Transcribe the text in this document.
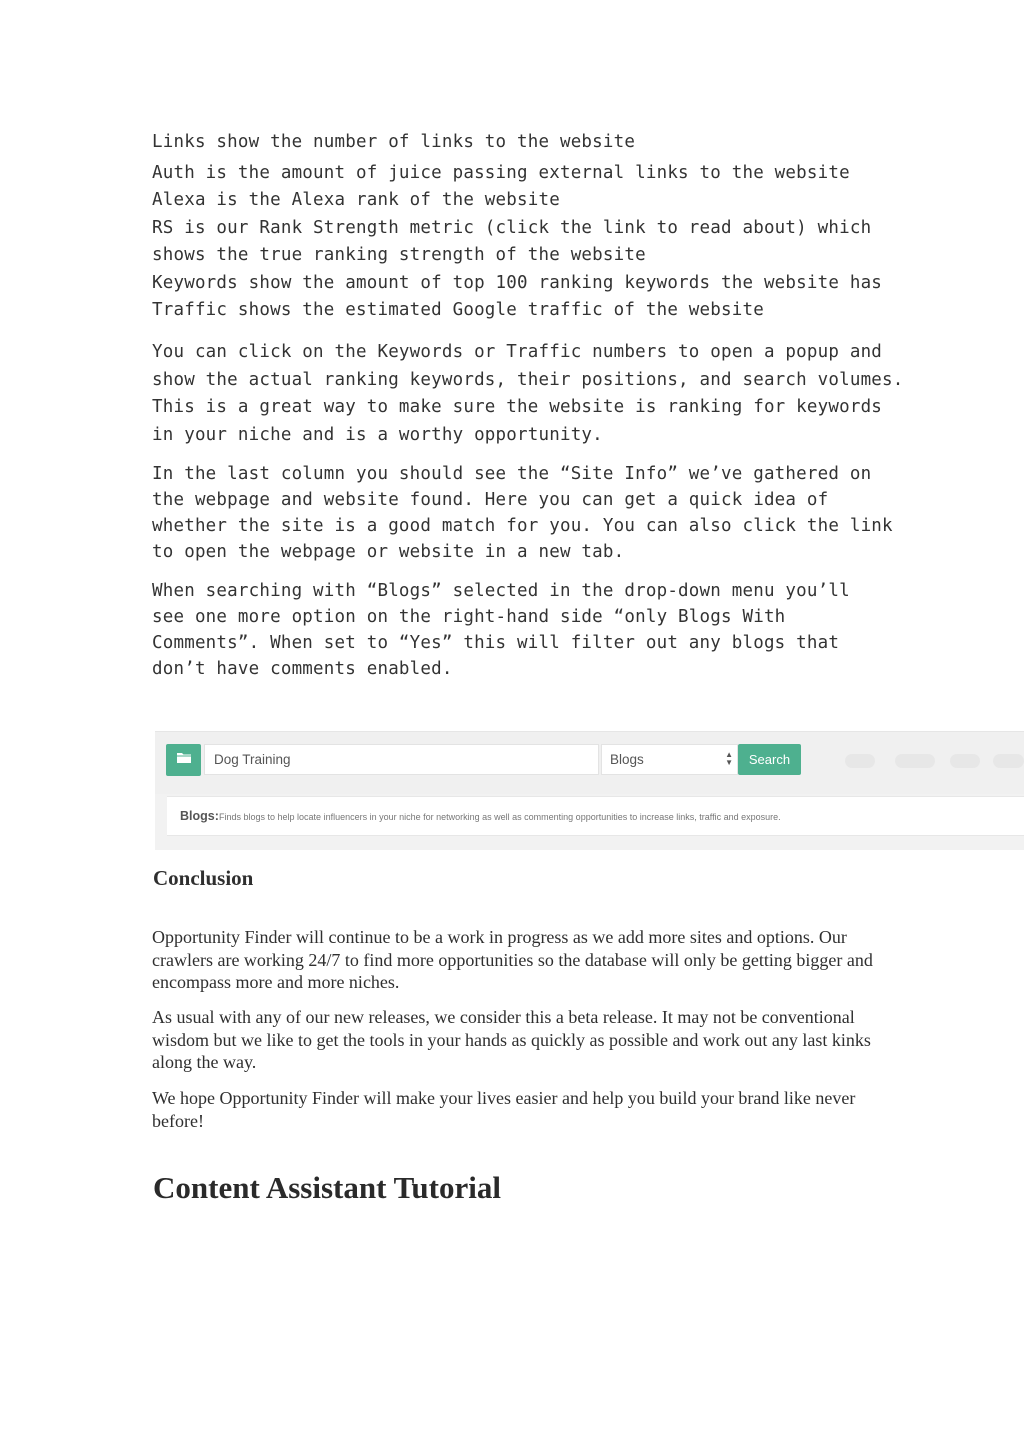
Links show the number of links to the website
Auth is the amount of juice passing external links to the website
Alexa is the Alexa rank of the website
RS is our Rank Strength metric (click the link to read about) which
shows the true ranking strength of the website
Keywords show the amount of top 100 ranking keywords the website has
Traffic shows the estimated Google traffic of the website
You can click on the Keywords or Traffic numbers to open a popup and
show the actual ranking keywords, their positions, and search volumes.
This is a great way to make sure the website is ranking for keywords
in your niche and is a worthy opportunity.
In the last column you should see the “Site Info” we’ve gathered on
the webpage and website found. Here you can get a quick idea of
whether the site is a good match for you. You can also click the link
to open the webpage or website in a new tab.
When searching with “Blogs” selected in the drop-down menu you’ll
see one more option on the right-hand side “only Blogs With
Comments”. When set to “Yes” this will filter out any blogs that
don’t have comments enabled.
Dog Training	Blogs	▲
▼	Search
Blogs: Finds blogs to help locate influencers in your niche for networking as well as commenting opportunities to increase links, traffic and exposure.
Conclusion

Opportunity Finder will continue to be a work in progress as we add more sites and options. Our crawlers are working 24/7 to find more opportunities so the database will only be getting bigger and encompass more and more niches.

As usual with any of our new releases, we consider this a beta release. It may not be conventional wisdom but we like to get the tools in your hands as quickly as possible and work out any last kinks along the way.

We hope Opportunity Finder will make your lives easier and help you build your brand like never before!

Content Assistant Tutorial
